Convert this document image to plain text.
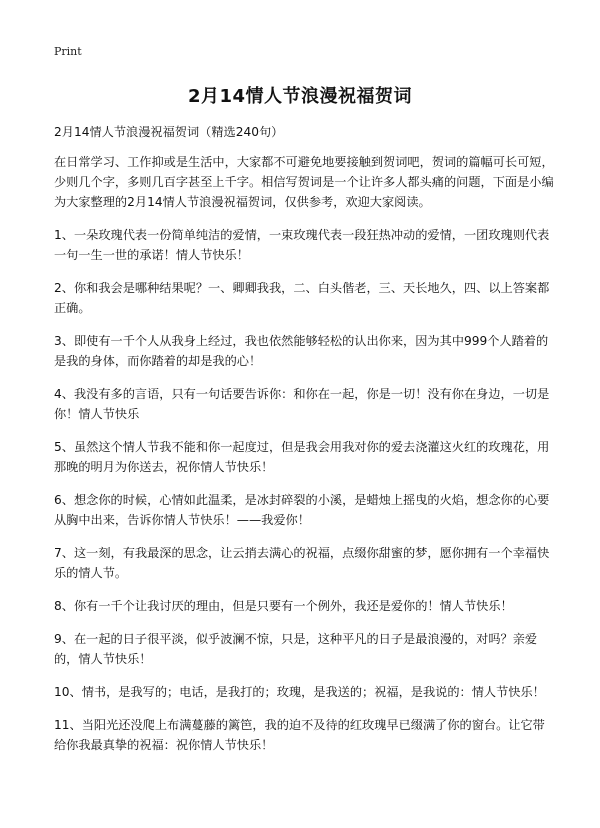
Print
2月14情人节浪漫祝福贺词

2月14情人节浪漫祝福贺词（精选240句）

在日常学习、工作抑或是生活中，大家都不可避免地要接触到贺词吧，贺词的篇幅可长可短，少则几个字，多则几百字甚至上千字。相信写贺词是一个让许多人都头痛的问题，下面是小编为大家整理的2月14情人节浪漫祝福贺词，仅供参考，欢迎大家阅读。

1、一朵玫瑰代表一份简单纯洁的爱情，一束玫瑰代表一段狂热冲动的爱情，一团玫瑰则代表一句一生一世的承诺！情人节快乐！

2、你和我会是哪种结果呢？一、卿卿我我，二、白头偕老，三、天长地久，四、以上答案都正确。

3、即使有一千个人从我身上经过，我也依然能够轻松的认出你来，因为其中999个人踏着的是我的身体，而你踏着的却是我的心！

4、我没有多的言语，只有一句话要告诉你：和你在一起，你是一切！没有你在身边，一切是你！情人节快乐

5、虽然这个情人节我不能和你一起度过，但是我会用我对你的爱去浇灌这火红的玫瑰花，用那晚的明月为你送去，祝你情人节快乐！

6、想念你的时候，心情如此温柔，是冰封碎裂的小溪，是蜡烛上摇曳的火焰，想念你的心要从胸中出来，告诉你情人节快乐！——我爱你！

7、这一刻，有我最深的思念，让云捎去满心的祝福，点缀你甜蜜的梦，愿你拥有一个幸福快乐的情人节。

8、你有一千个让我讨厌的理由，但是只要有一个例外，我还是爱你的！情人节快乐！

9、在一起的日子很平淡，似乎波澜不惊，只是，这种平凡的日子是最浪漫的，对吗？亲爱的，情人节快乐！

10、情书，是我写的；电话，是我打的；玫瑰，是我送的；祝福，是我说的：情人节快乐！

11、当阳光还没爬上布满蔓藤的篱笆，我的迫不及待的红玫瑰早已缀满了你的窗台。让它带给你我最真挚的祝福：祝你情人节快乐！
